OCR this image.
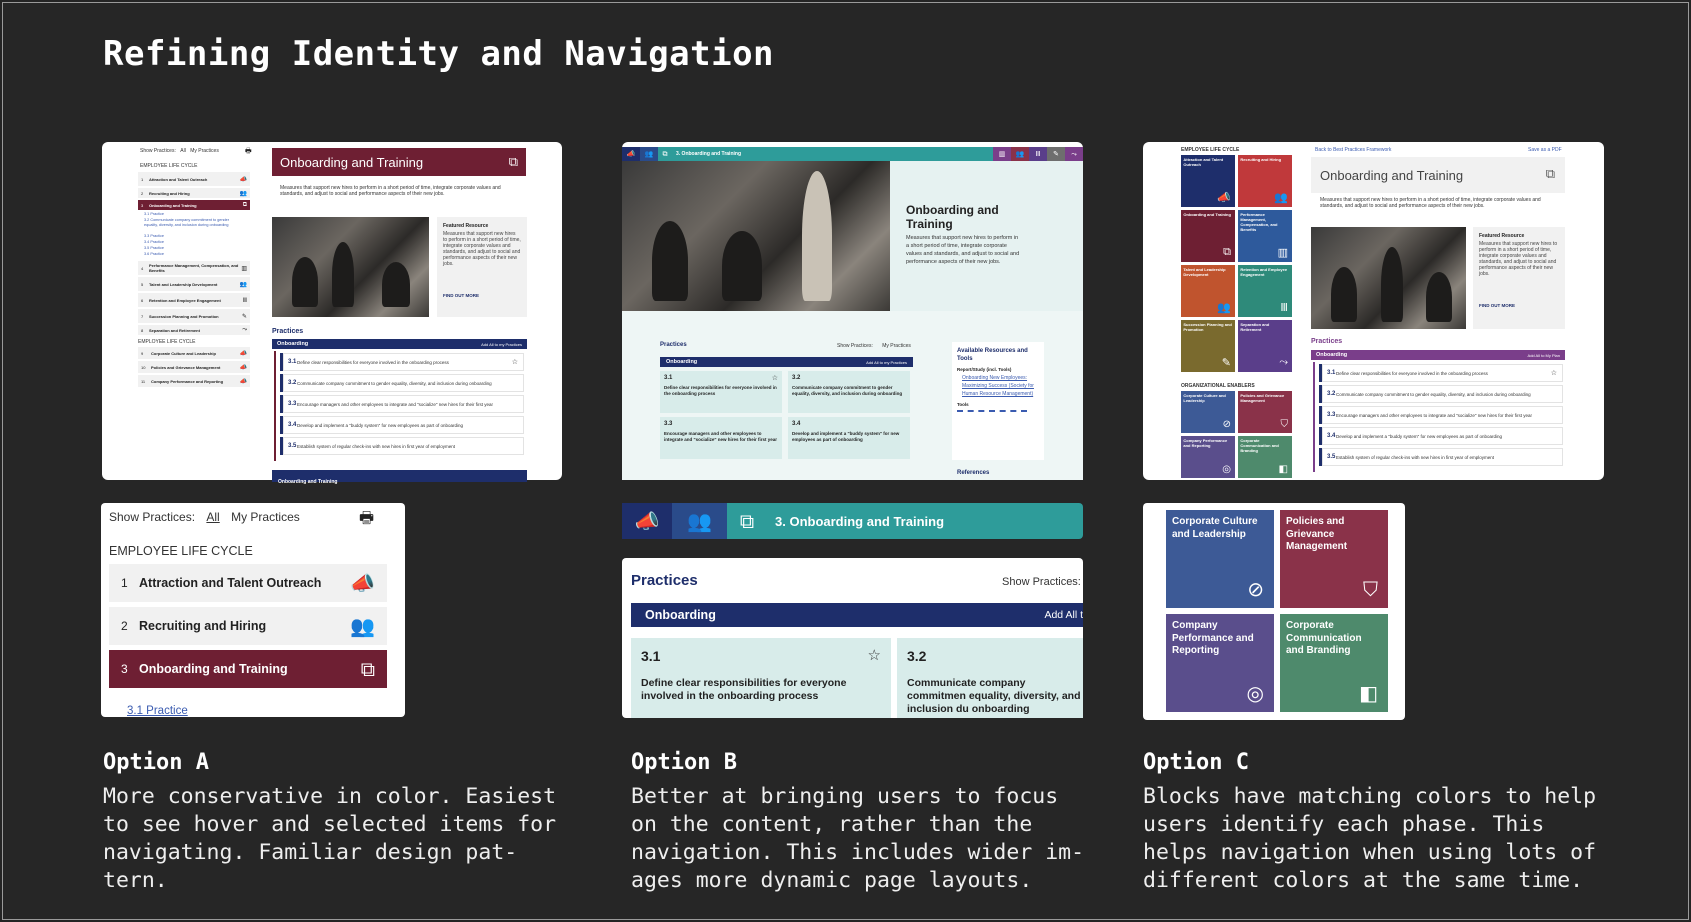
Refining Identity and Navigation
Show Practices: All My Practices	🖶
EMPLOYEE LIFE CYCLE
1	Attraction and Talent Outreach	📣
2	Recruiting and Hiring	👥
3	Onboarding and Training	⧉
3.1 Practice
3.2 Communicate company commitment to gender equality, diversity, and inclusion during onboarding
3.3 Practice
3.4 Practice
3.5 Practice
3.6 Practice
4	Performance Management, Compensation, and Benefits	▥
5	Talent and Leadership Development	👥
6	Retention and Employee Engagement	Ⅲ
7	Succession Planning and Promotion	✎
8	Separation and Retirement	⤳
EMPLOYEE LIFE CYCLE
9	Corporate Culture and Leadership	📣
10	Policies and Grievance Management	📣
11	Company Performance and Reporting	📣
Onboarding and Training	⧉
Measures that support new hires to perform in a short period of time, integrate corporate values and standards, and adjust to social and performance aspects of their new jobs.
Featured Resource
Measures that support new hires to perform in a short period of time, integrate corporate values and standards, and adjust to social and performance aspects of their new jobs.
FIND OUT MORE
Practices
Onboarding	Add All to my Practices
3.1 Define clear responsibilities for everyone involved in the onboarding process	☆
3.2 Communicate company commitment to gender equality, diversity, and inclusion during onboarding
3.3 Encourage managers and other employees to integrate and "socialize" new hires for their first year
3.4 Develop and implement a "buddy system" for new employees as part of onboarding
3.5 Establish system of regular check-ins with new hires in first year of employment
Onboarding and Training
Show Practices: All My Practices	🖶
EMPLOYEE LIFE CYCLE
1 Attraction and Talent Outreach	📣
2 Recruiting and Hiring	👥
3 Onboarding and Training	⧉
3.1 Practice
📣	👥	⧉	3. Onboarding and Training	▥	👥	Ⅲ	✎	⤳
Onboarding and Training
Measures that support new hires to perform in a short period of time, integrate corporate values and standards, and adjust to social and performance aspects of their new jobs.
Practices	Show Practices: My Practices
Onboarding	Add All to my Practices
3.1
Define clear responsibilities for everyone involved in the onboarding process
☆ 3.2
Communicate company commitment to gender equality, diversity, and inclusion during onboarding
3.3
Encourage managers and other employees to integrate and "socialize" new hires for their first year
3.4
Develop and implement a "buddy system" for new employees as part of onboarding
Available Resources and Tools
Report/Study (incl. Tools)
Onboarding New Employees: Maximizing Success (Society for Human Resource Management)
Tools
References
📣	👥	⧉	3. Onboarding and Training
Practices	Show Practices:
Onboarding	Add All t
3.1	☆
Define clear responsibilities for everyone involved in the onboarding process
3.2
Communicate company commitmen equality, diversity, and inclusion du onboarding
EMPLOYEE LIFE CYCLE
Attraction and Talent Outreach
📣
Recruiting and Hiring
👥
Onboarding and Training
⧉
Performance Management, Compensation, and Benefits
▥
Talent and Leadership Development
👥
Retention and Employee Engagement
Ⅲ
Succession Planning and Promotion
✎
Separation and Retirement
⤳
ORGANIZATIONAL ENABLERS
Corporate Culture and Leadership
⊘
Policies and Grievance Management
⛉
Company Performance and Reporting
◎
Corporate Communication and Branding
◧
Back to Best Practices Framework	Save as a PDF
Onboarding and Training	⧉
Measures that support new hires to perform in a short period of time, integrate corporate values and standards, and adjust to social and performance aspects of their new jobs.
Featured Resource
Measures that support new hires to perform in a short period of time, integrate corporate values and standards, and adjust to social and performance aspects of their new jobs.
FIND OUT MORE
Practices
Onboarding	Add All to My Plan
3.1 Define clear responsibilities for everyone involved in the onboarding process	☆
3.2 Communicate company commitment to gender equality, diversity, and inclusion during onboarding
3.3 Encourage managers and other employees to integrate and "socialize" new hires for their first year
3.4 Develop and implement a "buddy system" for new employees as part of onboarding
3.5 Establish system of regular check-ins with new hires in first year of employment
Corporate Culture and Leadership
⊘
Policies and Grievance Management
⛉
Company Performance and Reporting
◎
Corporate Communication and Branding
◧
Option A
More conservative in color. Easiest
to see hover and selected items for
navigating. Familiar design pat-
tern.
Option B
Better at bringing users to focus
on the content, rather than the
navigation. This includes wider im-
ages more dynamic page layouts.
Option C
Blocks have matching colors to help
users identify each phase. This
helps navigation when using lots of
different colors at the same time.
